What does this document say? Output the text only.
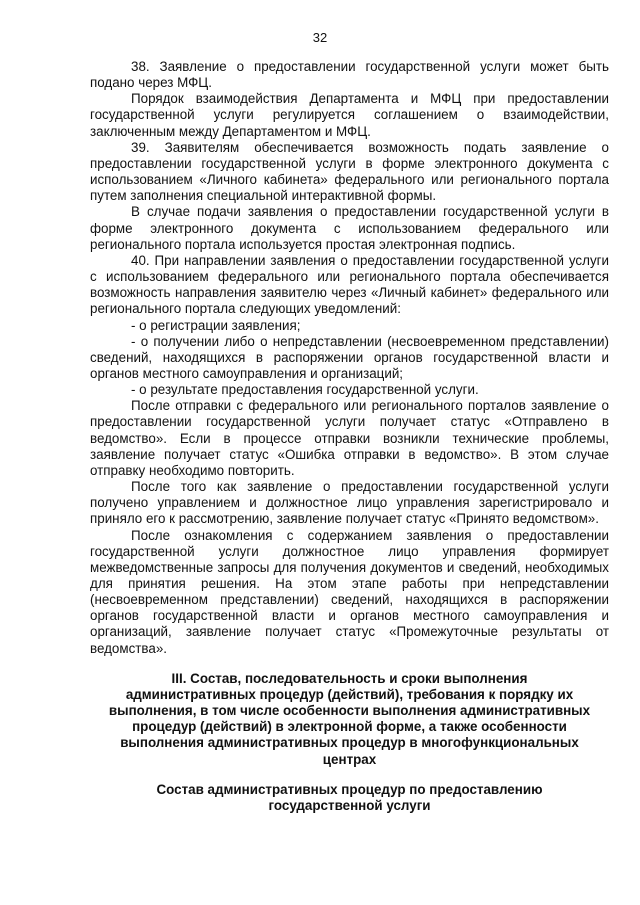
32

38. Заявление о предоставлении государственной услуги может быть подано через МФЦ.

Порядок взаимодействия Департамента и МФЦ при предоставлении государственной услуги регулируется соглашением о взаимодействии, заключенным между Департаментом и МФЦ.

39. Заявителям обеспечивается возможность подать заявление о предоставлении государственной услуги в форме электронного документа с использованием «Личного кабинета» федерального или регионального портала путем заполнения специальной интерактивной формы.

В случае подачи заявления о предоставлении государственной услуги в форме электронного документа с использованием федерального или регионального портала используется простая электронная подпись.

40. При направлении заявления о предоставлении государственной услуги с использованием федерального или регионального портала обеспечивается возможность направления заявителю через «Личный кабинет» федерального или регионального портала следующих уведомлений:

- о регистрации заявления;

- о получении либо о непредставлении (несвоевременном представлении) сведений, находящихся в распоряжении органов государственной власти и органов местного самоуправления и организаций;

- о результате предоставления государственной услуги.

После отправки с федерального или регионального порталов заявление о предоставлении государственной услуги получает статус «Отправлено в ведомство». Если в процессе отправки возникли технические проблемы, заявление получает статус «Ошибка отправки в ведомство». В этом случае отправку необходимо повторить.

После того как заявление о предоставлении государственной услуги получено управлением и должностное лицо управления зарегистрировало и приняло его к рассмотрению, заявление получает статус «Принято ведомством».

После ознакомления с содержанием заявления о предоставлении государственной услуги должностное лицо управления формирует межведомственные запросы для получения документов и сведений, необходимых для принятия решения. На этом этапе работы при непредставлении (несвоевременном представлении) сведений, находящихся в распоряжении органов государственной власти и органов местного самоуправления и организаций, заявление получает статус «Промежуточные результаты от ведомства».

III. Состав, последовательность и сроки выполнения административных процедур (действий), требования к порядку их выполнения, в том числе особенности выполнения административных процедур (действий) в электронной форме, а также особенности выполнения административных процедур в многофункциональных центрах

Состав административных процедур по предоставлению государственной услуги
